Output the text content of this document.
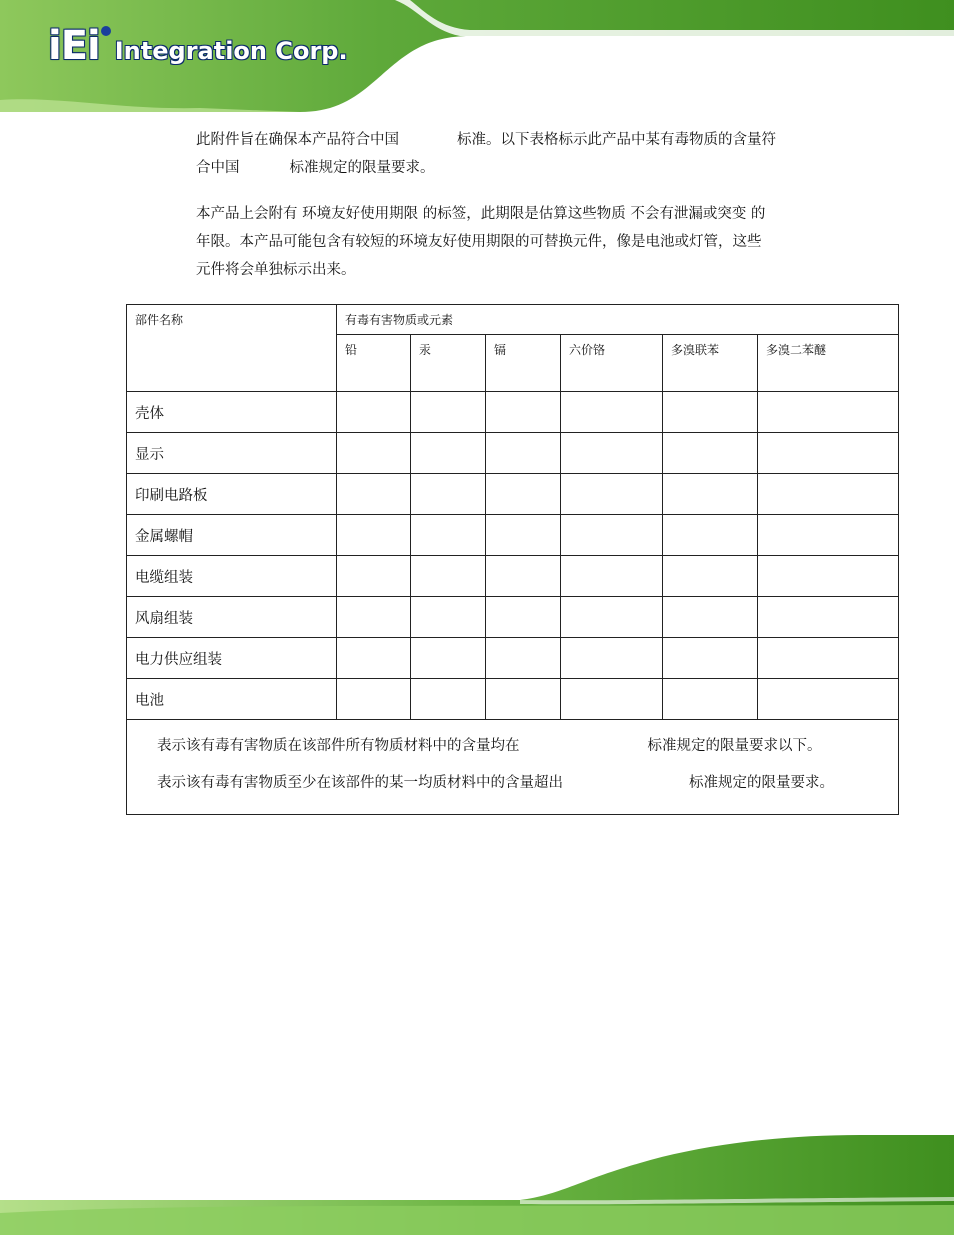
iEi Integration Corp.
此附件旨在确保本产品符合中国	标准。以下表格标示此产品中某有毒物质的含量符
合中国	标准规定的限量要求。
本产品上会附有 环境友好使用期限 的标签，此期限是估算这些物质 不会有泄漏或突变 的
年限。本产品可能包含有较短的环境友好使用期限的可替换元件，像是电池或灯管，这些
元件将会单独标示出来。
部件名称	有毒有害物质或元素					
	铅	汞	镉	六价铬	多溴联苯	多溴二苯醚
壳体						
显示						
印刷电路板						
金属螺帽						
电缆组装						
风扇组装						
电力供应组装						
电池						

表示该有毒有害物质在该部件所有物质材料中的含量均在 标准规定的限量要求以下。
表示该有毒有害物质至少在该部件的某一均质材料中的含量超出 标准规定的限量要求。						
